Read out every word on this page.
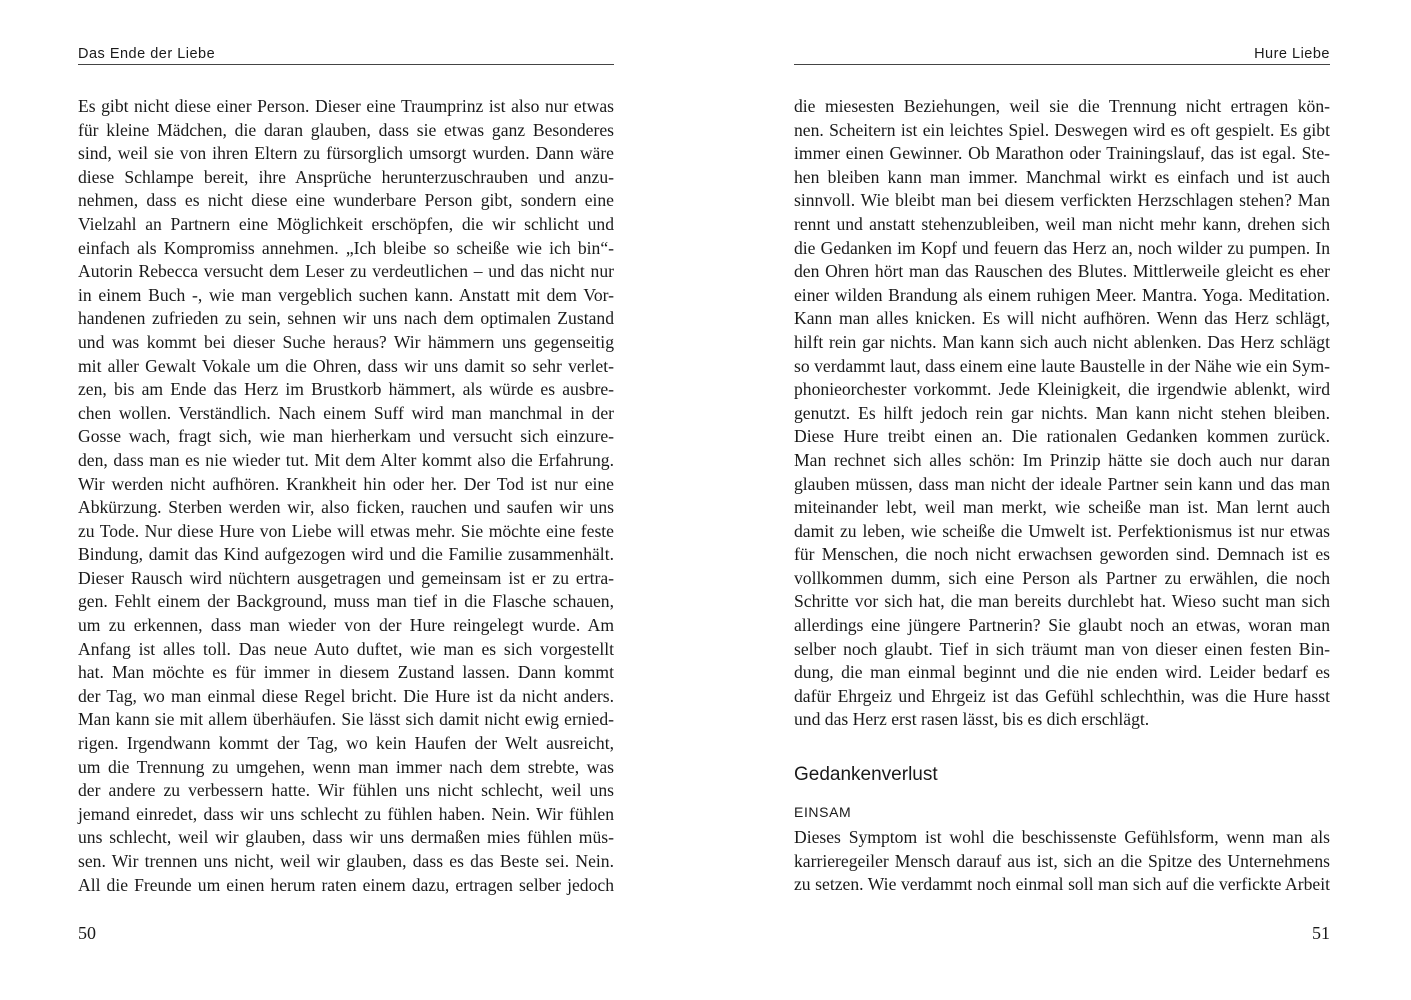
Das Ende der Liebe
Es gibt nicht diese einer Person. Dieser eine Traumprinz ist also nur etwas
für kleine Mädchen, die daran glauben, dass sie etwas ganz Besonderes
sind, weil sie von ihren Eltern zu fürsorglich umsorgt wurden. Dann wäre
diese Schlampe bereit, ihre Ansprüche herunterzuschrauben und anzu-
nehmen, dass es nicht diese eine wunderbare Person gibt, sondern eine
Vielzahl an Partnern eine Möglichkeit erschöpfen, die wir schlicht und
einfach als Kompromiss annehmen. „Ich bleibe so scheiße wie ich bin“-
Autorin Rebecca versucht dem Leser zu verdeutlichen – und das nicht nur
in einem Buch -, wie man vergeblich suchen kann. Anstatt mit dem Vor-
handenen zufrieden zu sein, sehnen wir uns nach dem optimalen Zustand
und was kommt bei dieser Suche heraus? Wir hämmern uns gegenseitig
mit aller Gewalt Vokale um die Ohren, dass wir uns damit so sehr verlet-
zen, bis am Ende das Herz im Brustkorb hämmert, als würde es ausbre-
chen wollen. Verständlich. Nach einem Suff wird man manchmal in der
Gosse wach, fragt sich, wie man hierherkam und versucht sich einzure-
den, dass man es nie wieder tut. Mit dem Alter kommt also die Erfahrung.
Wir werden nicht aufhören. Krankheit hin oder her. Der Tod ist nur eine
Abkürzung. Sterben werden wir, also ficken, rauchen und saufen wir uns
zu Tode. Nur diese Hure von Liebe will etwas mehr. Sie möchte eine feste
Bindung, damit das Kind aufgezogen wird und die Familie zusammenhält.
Dieser Rausch wird nüchtern ausgetragen und gemeinsam ist er zu ertra-
gen. Fehlt einem der Background, muss man tief in die Flasche schauen,
um zu erkennen, dass man wieder von der Hure reingelegt wurde. Am
Anfang ist alles toll. Das neue Auto duftet, wie man es sich vorgestellt
hat. Man möchte es für immer in diesem Zustand lassen. Dann kommt
der Tag, wo man einmal diese Regel bricht. Die Hure ist da nicht anders.
Man kann sie mit allem überhäufen. Sie lässt sich damit nicht ewig ernied-
rigen. Irgendwann kommt der Tag, wo kein Haufen der Welt ausreicht,
um die Trennung zu umgehen, wenn man immer nach dem strebte, was
der andere zu verbessern hatte. Wir fühlen uns nicht schlecht, weil uns
jemand einredet, dass wir uns schlecht zu fühlen haben. Nein. Wir fühlen
uns schlecht, weil wir glauben, dass wir uns dermaßen mies fühlen müs-
sen. Wir trennen uns nicht, weil wir glauben, dass es das Beste sei. Nein.
All die Freunde um einen herum raten einem dazu, ertragen selber jedoch
50
Hure Liebe
die miesesten Beziehungen, weil sie die Trennung nicht ertragen kön-
nen. Scheitern ist ein leichtes Spiel. Deswegen wird es oft gespielt. Es gibt
immer einen Gewinner. Ob Marathon oder Trainingslauf, das ist egal. Ste-
hen bleiben kann man immer. Manchmal wirkt es einfach und ist auch
sinnvoll. Wie bleibt man bei diesem verfickten Herzschlagen stehen? Man
rennt und anstatt stehenzubleiben, weil man nicht mehr kann, drehen sich
die Gedanken im Kopf und feuern das Herz an, noch wilder zu pumpen. In
den Ohren hört man das Rauschen des Blutes. Mittlerweile gleicht es eher
einer wilden Brandung als einem ruhigen Meer. Mantra. Yoga. Meditation.
Kann man alles knicken. Es will nicht aufhören. Wenn das Herz schlägt,
hilft rein gar nichts. Man kann sich auch nicht ablenken. Das Herz schlägt
so verdammt laut, dass einem eine laute Baustelle in der Nähe wie ein Sym-
phonieorchester vorkommt. Jede Kleinigkeit, die irgendwie ablenkt, wird
genutzt. Es hilft jedoch rein gar nichts. Man kann nicht stehen bleiben.
Diese Hure treibt einen an. Die rationalen Gedanken kommen zurück.
Man rechnet sich alles schön: Im Prinzip hätte sie doch auch nur daran
glauben müssen, dass man nicht der ideale Partner sein kann und das man
miteinander lebt, weil man merkt, wie scheiße man ist. Man lernt auch
damit zu leben, wie scheiße die Umwelt ist. Perfektionismus ist nur etwas
für Menschen, die noch nicht erwachsen geworden sind. Demnach ist es
vollkommen dumm, sich eine Person als Partner zu erwählen, die noch
Schritte vor sich hat, die man bereits durchlebt hat. Wieso sucht man sich
allerdings eine jüngere Partnerin? Sie glaubt noch an etwas, woran man
selber noch glaubt. Tief in sich träumt man von dieser einen festen Bin-
dung, die man einmal beginnt und die nie enden wird. Leider bedarf es
dafür Ehrgeiz und Ehrgeiz ist das Gefühl schlechthin, was die Hure hasst
und das Herz erst rasen lässt, bis es dich erschlägt.
Gedankenverlust
EINSAM
Dieses Symptom ist wohl die beschissenste Gefühlsform, wenn man als
karrieregeiler Mensch darauf aus ist, sich an die Spitze des Unternehmens
zu setzen. Wie verdammt noch einmal soll man sich auf die verfickte Arbeit
51
